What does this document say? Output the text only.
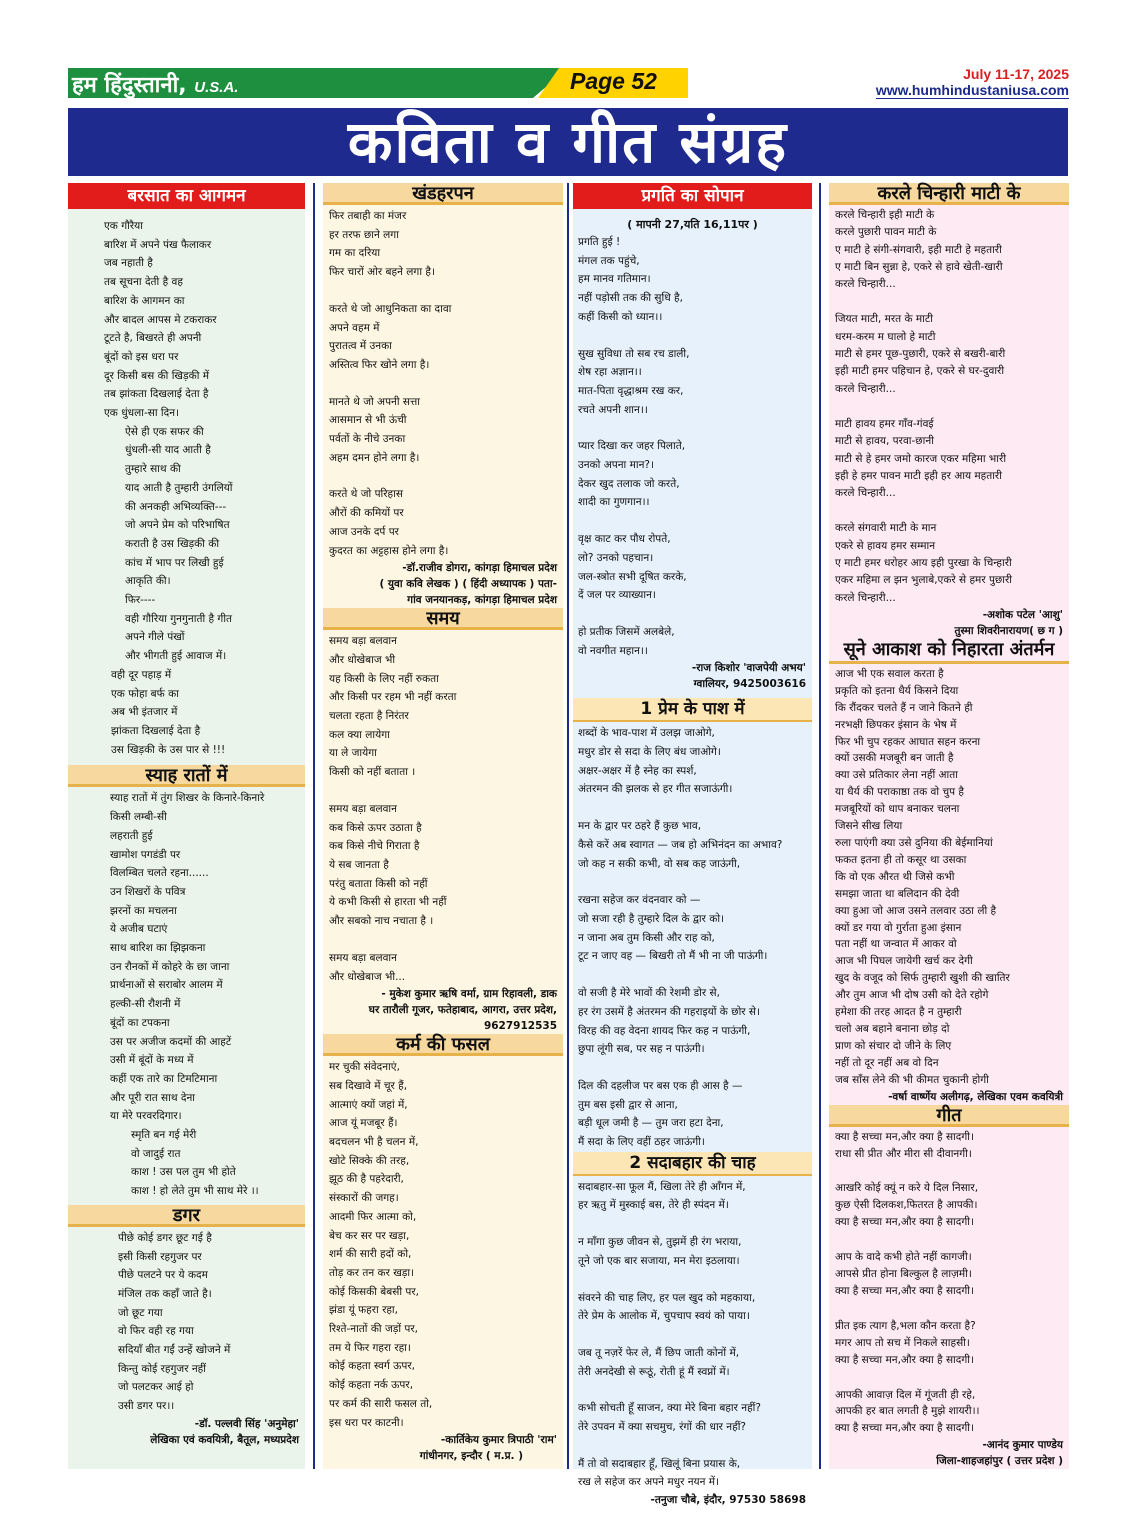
हम हिंदुस्तानी, U.S.A.	Page 52	July 11-17, 2025
www.humhindustaniusa.com
कविता व गीत संग्रह
बरसात का आगमन

एक गौरैया

बारिश में अपने पंख फैलाकर

जब नहाती है

तब सूचना देती है वह

बारिश के आगमन का

और बादल आपस मे टकराकर

टूटते है, बिखरते ही अपनी

बूंदों को इस धरा पर

दूर किसी बस की खिड़की में

तब झांकता दिखलाई देता है

एक धुंधला-सा दिन।

ऐसे ही एक सफर की

धुंधली-सी याद आती है

तुम्हारे साथ की

याद आती है तुम्हारी उंगलियों

की अनकही अभिव्यक्ति---

जो अपने प्रेम को परिभाषित

कराती है उस खिड़की की

कांच में भाप पर लिखी हुई

आकृति की।

फिर----

वही गौरिया गुनगुनाती है गीत

अपने गीले पंखों

और भीगती हुई आवाज में।

वही दूर पहाड़ में

एक फोहा बर्फ का

अब भी इंतजार में

झांकता दिखलाई देता है

उस खिड़की के उस पार से !!!

स्याह रातों में

स्याह रातों में तुंग शिखर के किनारे-किनारे

किसी लम्बी-सी

लहराती हुई

खामोश पगडंडी पर

विलम्बित चलते रहना......

उन शिखरों के पवित्र

झरनों का मचलना

ये अजीब घटाएं

साथ बारिश का झिझकना

उन रौनकों में कोहरे के छा जाना

प्रार्थनाओं से सराबोर आलम में

हल्की-सी रौशनी में

बूंदों का टपकना

उस पर अजीज कदमों की आहटें

उसी में बूंदों के मध्य में

कहीं एक तारे का टिमटिमाना

और पूरी रात साथ देना

या मेरे परवरदिगार।

स्मृति बन गई मेरी

वो जादुई रात

काश ! उस पल तुम भी होते

काश ! हो लेते तुम भी साथ मेरे ।।

डगर

पीछे कोई डगर छूट गई है

इसी किसी रहगुजर पर

पीछे पलटने पर ये कदम

मंजिल तक कहाँ जाते है।

जो छूट गया

वो फिर वही रह गया

सदियाँ बीत गईं उन्हें खोजने में

किन्तु कोई रहगुजर नहीं

जो पलटकर आई हो

उसी डगर पर।।

-डॉ. पल्लवी सिंह 'अनुमेहा'
लेखिका एवं कवयित्री, बैतूल, मध्यप्रदेश
खंडहरपन

फिर तबाही का मंजर

हर तरफ छाने लगा

गम का दरिया

फिर चारों ओर बहने लगा है।

करते थे जो आधुनिकता का दावा

अपने वहम में

पुरातत्व में उनका

अस्तित्व फिर खोने लगा है।

मानते थे जो अपनी सत्ता

आसमान से भी ऊंची

पर्वतों के नीचे उनका

अहम दमन होने लगा है।

करते थे जो परिहास

औरों की कमियों पर

आज उनके दर्प पर

कुदरत का अट्टहास होने लगा है।

-डॉ.राजीव डोगरा, कांगड़ा हिमाचल प्रदेश
( युवा कवि लेखक ) ( हिंदी अध्यापक ) पता-
गांव जनयानकड़, कांगड़ा हिमाचल प्रदेश
समय

समय बड़ा बलवान

और धोखेबाज भी

यह किसी के लिए नहीं रुकता

और किसी पर रहम भी नहीं करता

चलता रहता है निरंतर

कल क्या लायेगा

या ले जायेगा

किसी को नहीं बताता ।

समय बड़ा बलवान

कब किसे ऊपर उठाता है

कब किसे नीचे गिराता है

ये सब जानता है

परंतु बताता किसी को नहीं

ये कभी किसी से हारता भी नहीं

और सबको नाच नचाता है ।

समय बड़ा बलवान

और धोखेबाज भी...

- मुकेश कुमार ऋषि वर्मा, ग्राम रिहावली, डाक
घर तारौली गूजर, फतेहाबाद, आगरा, उत्तर प्रदेश,
9627912535
कर्म की फसल

मर चुकी संवेदनाएं,

सब दिखावे में चूर हैं,

आत्माएं क्यों जहां में,

आज यूं मजबूर हैं।

बदचलन भी है चलन में,

खोटे सिक्के की तरह,

झूठ की है पहरेदारी,

संस्कारों की जगह।

आदमी फिर आत्मा को,

बेच कर सर पर खड़ा,

शर्म की सारी हदों को,

तोड़ कर तन कर खड़ा।

कोई किसकी बेबसी पर,

झंडा यूं फहरा रहा,

रिश्ते-नातों की जड़ों पर,

तम ये फिर गहरा रहा।

कोई कहता स्वर्ग ऊपर,

कोई कहता नर्क ऊपर,

पर कर्म की सारी फसल तो,

इस धरा पर काटनी।

-कार्तिकेय कुमार त्रिपाठी 'राम'
गांधीनगर, इन्दौर ( म.प्र. )
प्रगति का सोपान
( मापनी 27,यति 16,11पर )

प्रगति हुई !

मंगल तक पहुंचे,

हम मानव गतिमान।

नहीं पड़ोसी तक की सुधि है,

कहीं किसी को ध्यान।।

सुख सुविधा तो सब रच डाली,

शेष रहा अज्ञान।।

मात-पिता वृद्धाश्रम रख कर,

रचते अपनी शान।।

प्यार दिखा कर जहर पिलाते,

उनको अपना मान?।

देकर खुद तलाक जो करते,

शादी का गुणगान।।

वृक्ष काट कर पौध रोपते,

लो? उनको पहचान।

जल-स्त्रोत सभी दूषित करके,

दें जल पर व्याख्यान।

हो प्रतीक जिसमें अलबेले,

वो नवगीत महान।।

-राज किशोर 'वाजपेयी अभय'
ग्वालियर, 9425003616
1 प्रेम के पाश में

शब्दों के भाव-पाश में उलझ जाओगे,

मधुर डोर से सदा के लिए बंध जाओगे।

अक्षर-अक्षर में है स्नेह का स्पर्श,

अंतरमन की झलक से हर गीत सजाऊंगी।

मन के द्वार पर ठहरे हैं कुछ भाव,

कैसे करें अब स्वागत — जब हो अभिनंदन का अभाव?

जो कह न सकी कभी, वो सब कह जाऊंगी,

रखना सहेज कर वंदनवार को —

जो सजा रही है तुम्हारे दिल के द्वार को।

न जाना अब तुम किसी और राह को,

टूट न जाए वह — बिखरी तो मैं भी ना जी पाऊंगी।

वो सजी है मेरे भावों की रेशमी डोर से,

हर रंग उसमें है अंतरमन की गहराइयों के छोर से।

विरह की वह वेदना शायद फिर कह न पाऊंगी,

छुपा लूंगी सब, पर सह न पाऊंगी।

दिल की दहलीज पर बस एक ही आस है —

तुम बस इसी द्वार से आना,

बड़ी धूल जमी है — तुम जरा हटा देना,

मैं सदा के लिए वहीं ठहर जाऊंगी।

2 सदाबहार की चाह

सदाबहार-सा फूल मैं, खिला तेरे ही आँगन में,

हर ऋतु में मुस्काई बस, तेरे ही स्पंदन में।

न माँगा कुछ जीवन से, तुझमें ही रंग भराया,

तूने जो एक बार सजाया, मन मेरा इठलाया।

संवरने की चाह लिए, हर पल खुद को महकाया,

तेरे प्रेम के आलोक में, चुपचाप स्वयं को पाया।

जब तू नज़रें फेर ले, मैं छिप जाती कोनों में,

तेरी अनदेखी से रूठूं, रोती हूं मैं स्वप्नों में।

कभी सोचती हूँ साजन, क्या मेरे बिना बहार नहीं?

तेरे उपवन में क्या सचमुच, रंगों की धार नहीं?

मैं तो वो सदाबहार हूँ, खिलूं बिना प्रयास के,

रख ले सहेज कर अपने मधुर नयन में।

-तनुजा चौबे, इंदौर, 97530 58698
करले चिन्हारी माटी के

करले चिन्हारी इही माटी के

करले पुछारी पावन माटी के

ए माटी हे संगी-संगवारी, इही माटी हे महतारी

ए माटी बिन सुन्ना हे, एकरे से हावे खेती-खारी

करले चिन्हारी...

जियत माटी, मरत के माटी

धरम-करम म घालो हे माटी

माटी से हमर पूछ-पुछारी, एकरे से बखरी-बारी

इही माटी हमर पहिचान हे, एकरे से घर-दुवारी

करले चिन्हारी...

माटी हावय हमर गाँव-गंवई

माटी से हावय, परवा-छानी

माटी से हे हमर जमो कारज एकर महिमा भारी

इही हे हमर पावन माटी इही हर आय महतारी

करले चिन्हारी...

करले संगवारी माटी के मान

एकरे से हावय हमर सम्मान

ए माटी हमर धरोहर आय इही पुरखा के चिन्हारी

एकर महिमा ल झन भुलाबे,एकरे से हमर पुछारी

करले चिन्हारी...

-अशोक पटेल 'आशु'
तुस्मा शिवरीनारायण( छ ग )
सूने आकाश को निहारता अंतर्मन

आज भी एक सवाल करता है

प्रकृति को इतना धैर्य किसने दिया

कि रौंदकर चलते हैं न जाने कितने ही

नरभक्षी छिपकर इंसान के भेष में

फिर भी चुप रहकर आघात सहन करना

क्यों उसकी मजबूरी बन जाती है

क्या उसे प्रतिकार लेना नहीं आता

या धैर्य की पराकाष्ठा तक वो चुप है

मजबूरियों को धाप बनाकर चलना

जिसने सीख लिया

रुला पाएंगी क्या उसे दुनिया की बेईमानियां

फकत इतना ही तो कसूर था उसका

कि वो एक औरत थी जिसे कभी

समझा जाता था बलिदान की देवी

क्या हुआ जो आज उसने तलवार उठा ली है

क्यों डर गया वो गुर्राता हुआ इंसान

पता नहीं था जन्वात में आकर वो

आज भी पिघल जायेगी खर्च कर देगी

खुद के वजूद को सिर्फ तुम्हारी खुशी की खातिर

और तुम आज भी दोष उसी को देते रहोगे

हमेशा की तरह आदत है न तुम्हारी

चलो अब बहाने बनाना छोड़ दो

प्राण को संचार दो जीने के लिए

नहीं तो दूर नहीं अब वो दिन

जब साँस लेने की भी कीमत चुकानी होगी

-वर्षा वार्ष्णेय अलीगढ़, लेखिका एवम कवयित्री
गीत

क्या है सच्चा मन,और क्या है सादगी।

राधा सी प्रीत और मीरा सी दीवानगी।

आखरि कोई क्यूं न करे ये दिल निसार,

कुछ ऐसी दिलकश,फितरत है आपकी।

क्या है सच्चा मन,और क्या है सादगी।

आप के वादे कभी होते नहीं कागजी।

आपसे प्रीत होना बिल्कुल है लाज़मी।

क्या है सच्चा मन,और क्या है सादगी।

प्रीत इक त्याग है,भला कौन करता है?

मगर आप तो सच में निकले साहसी।

क्या है सच्चा मन,और क्या है सादगी।

आपकी आवाज़ दिल में गूंजती ही रहे,

आपकी हर बात लगती है मुझे शायरी।।

क्या है सच्चा मन,और क्या है सादगी।

-आनंद कुमार पाण्डेय
जिला-शाहजहांपुर ( उत्तर प्रदेश )
